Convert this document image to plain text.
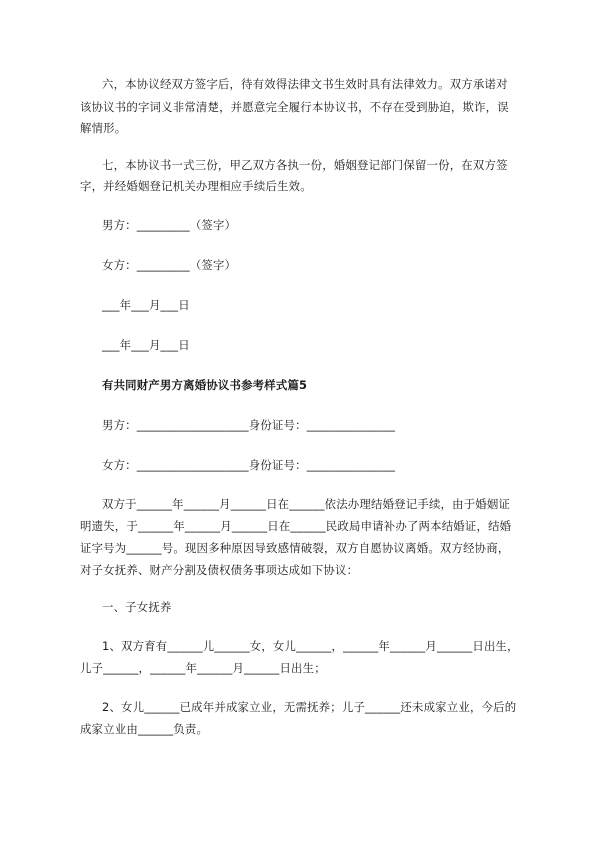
六，本协议经双方签字后，待有效得法律文书生效时具有法律效力。双方承诺对
该协议书的字词义非常清楚，并愿意完全履行本协议书，不存在受到胁迫，欺诈，误
解情形。
七，本协议书一式三份，甲乙双方各执一份，婚姻登记部门保留一份，在双方签
字，并经婚姻登记机关办理相应手续后生效。
男方：_________（签字）
女方：_________（签字）
___年___月___日
___年___月___日
有共同财产男方离婚协议书参考样式篇5
男方：___________________身份证号：_______________
女方：___________________身份证号：_______________
双方于______年______月______日在______依法办理结婚登记手续，由于婚姻证
明遗失，于______年______月______日在______民政局申请补办了两本结婚证，结婚
证字号为______号。现因多种原因导致感情破裂，双方自愿协议离婚。双方经协商，
对子女抚养、财产分割及债权债务事项达成如下协议：
一、子女抚养
1、双方育有______儿______女，女儿______，______年______月______日出生，
儿子______，______年______月______日出生；
2、女儿______已成年并成家立业，无需抚养；儿子______还未成家立业，今后的
成家立业由______负责。
